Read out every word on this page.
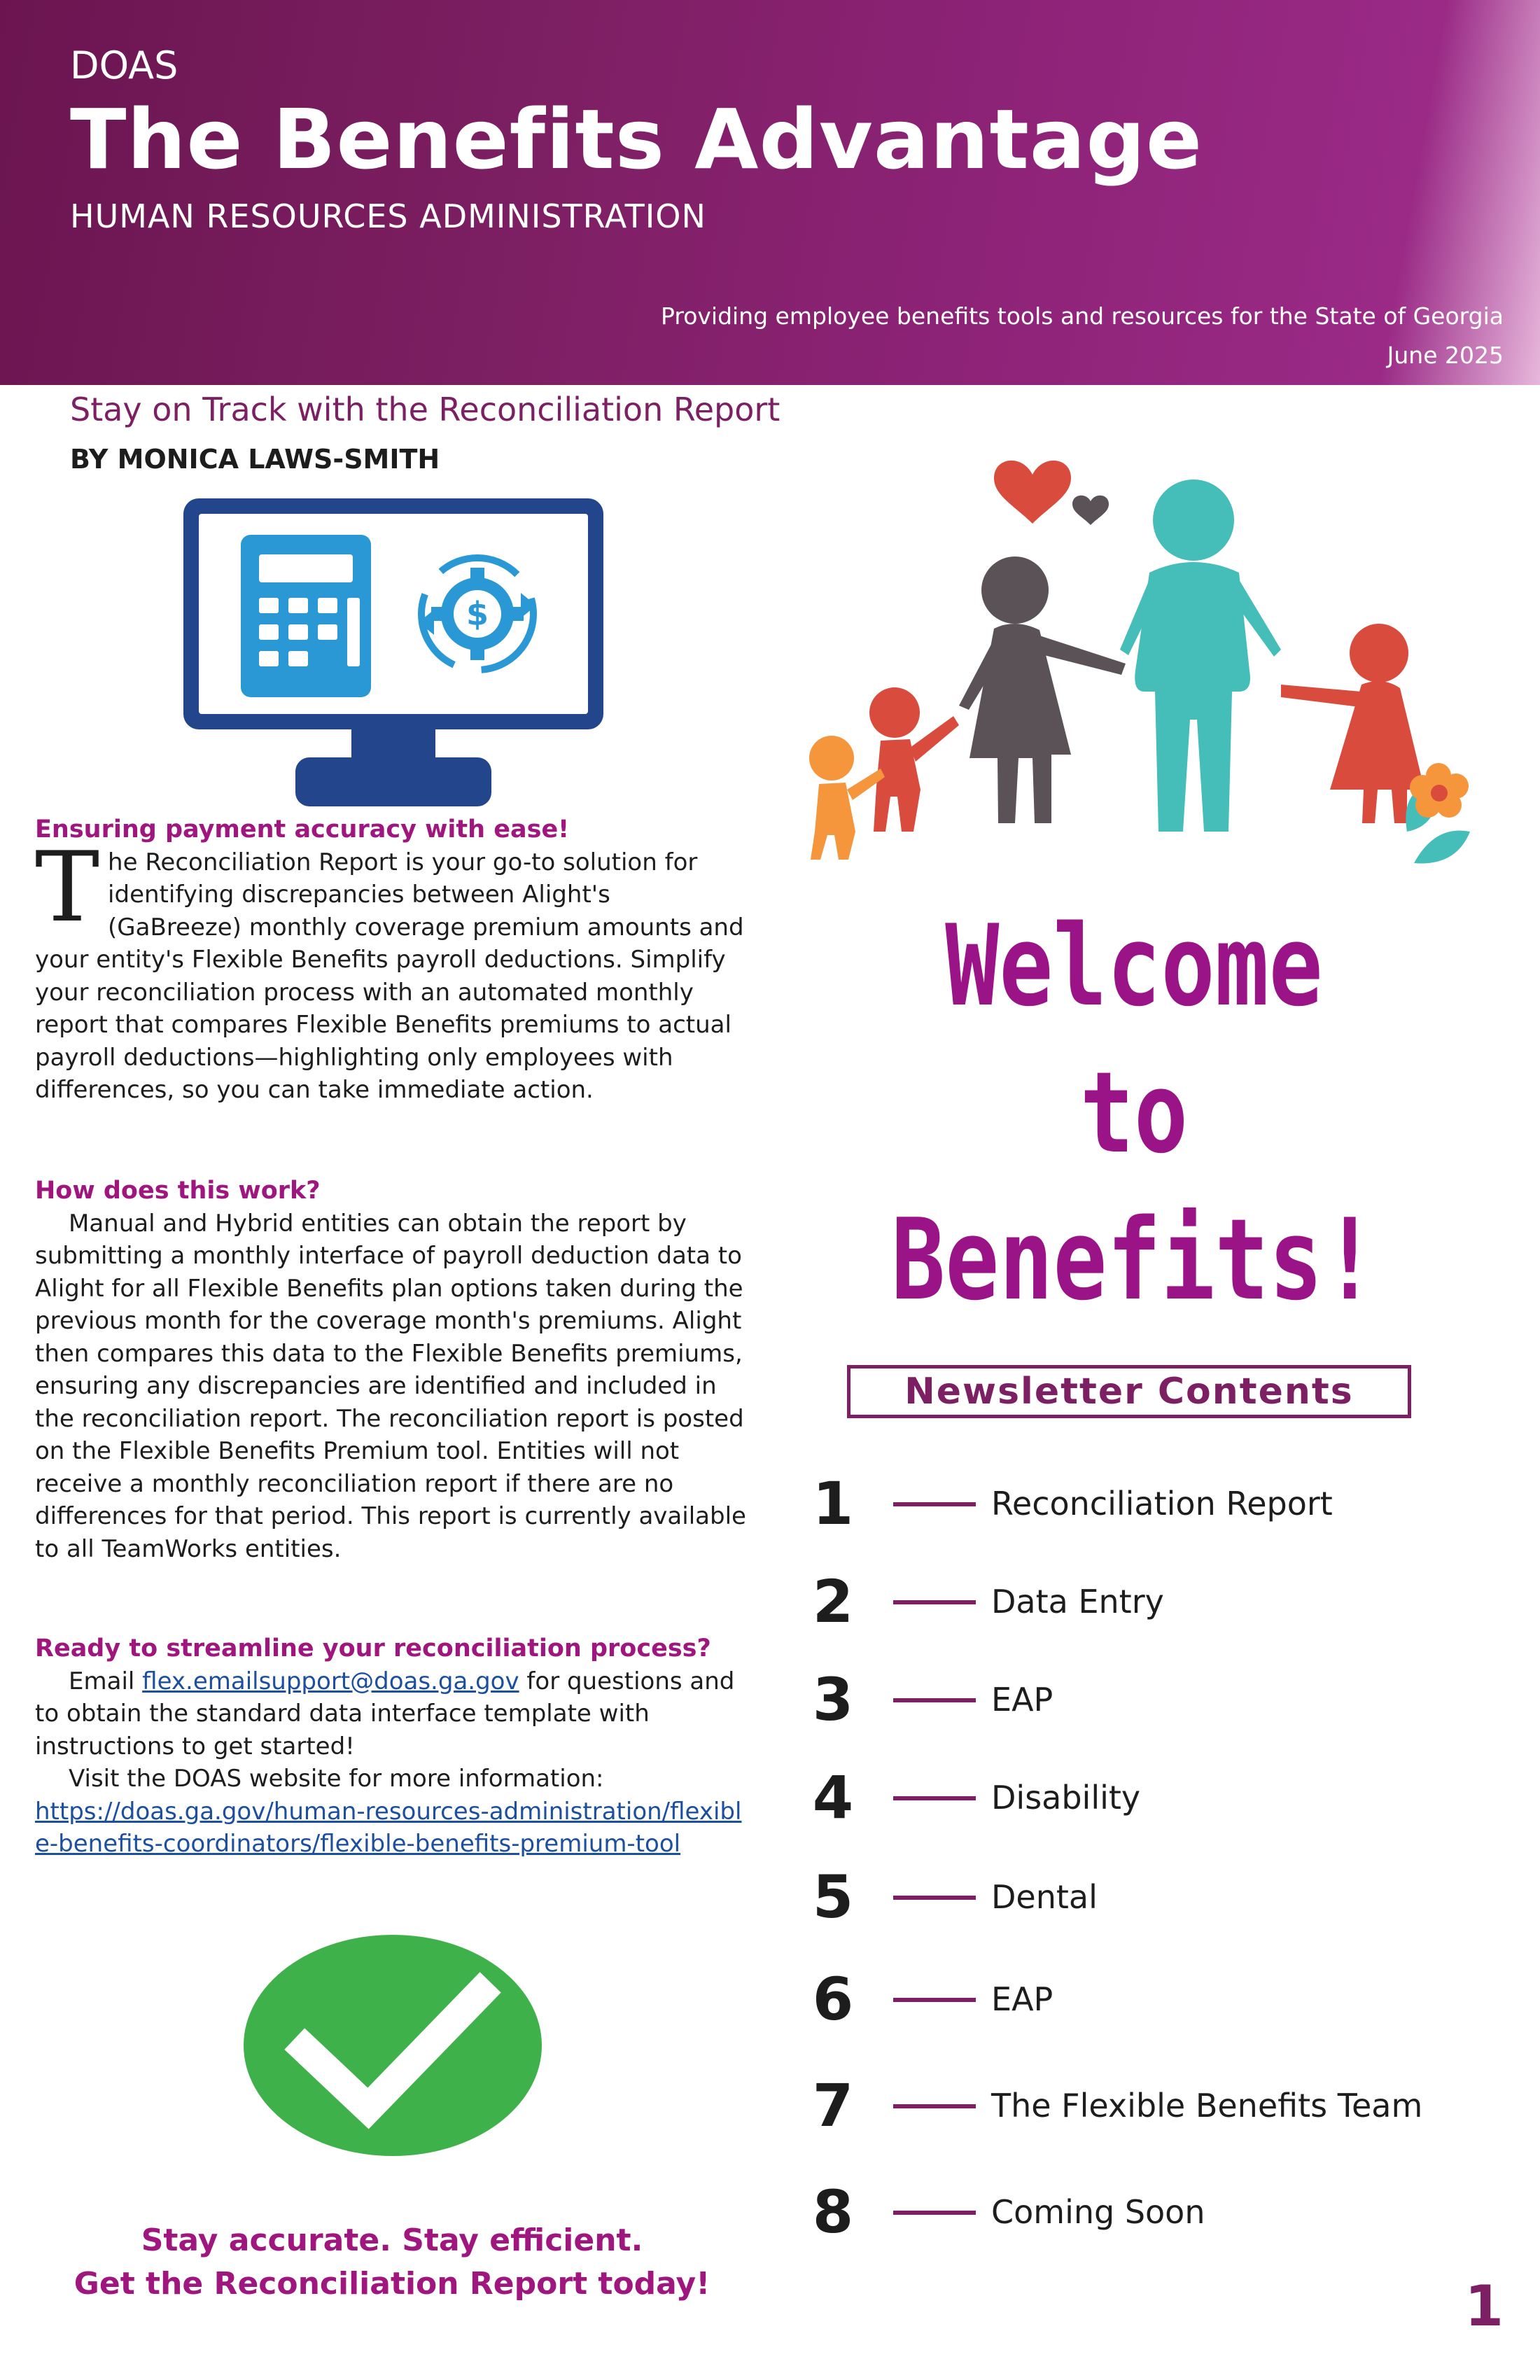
DOAS
The Benefits Advantage
HUMAN RESOURCES ADMINISTRATION
Providing employee benefits tools and resources for the State of Georgia
June 2025
Stay on Track with the Reconciliation Report
BY MONICA LAWS-SMITH
$
Ensuring payment accuracy with ease!

The Reconciliation Report is your go-to solution for identifying discrepancies between Alight's (GaBreeze) monthly coverage premium amounts and your entity's Flexible Benefits payroll deductions. Simplify your reconciliation process with an automated monthly report that compares Flexible Benefits premiums to actual payroll deductions—highlighting only employees with differences, so you can take immediate action.

How does this work?

Manual and Hybrid entities can obtain the report by submitting a monthly interface of payroll deduction data to Alight for all Flexible Benefits plan options taken during the previous month for the coverage month's premiums. Alight then compares this data to the Flexible Benefits premiums, ensuring any discrepancies are identified and included in the reconciliation report. The reconciliation report is posted on the Flexible Benefits Premium tool. Entities will not receive a monthly reconciliation report if there are no differences for that period. This report is currently available to all TeamWorks entities.

Ready to streamline your reconciliation process?

Email flex.emailsupport@doas.ga.gov for questions and to obtain the standard data interface template with instructions to get started!

Visit the DOAS website for more information:

https://doas.ga.gov/human-resources-administration/flexible-benefits-coordinators/flexible-benefits-premium-tool

Stay accurate. Stay efficient.
Get the Reconciliation Report today!
Welcome
to
Benefits!
Newsletter Contents
1	Reconciliation Report
2	Data Entry
3	EAP
4	Disability
5	Dental
6	EAP
7	The Flexible Benefits Team
8	Coming Soon
1
